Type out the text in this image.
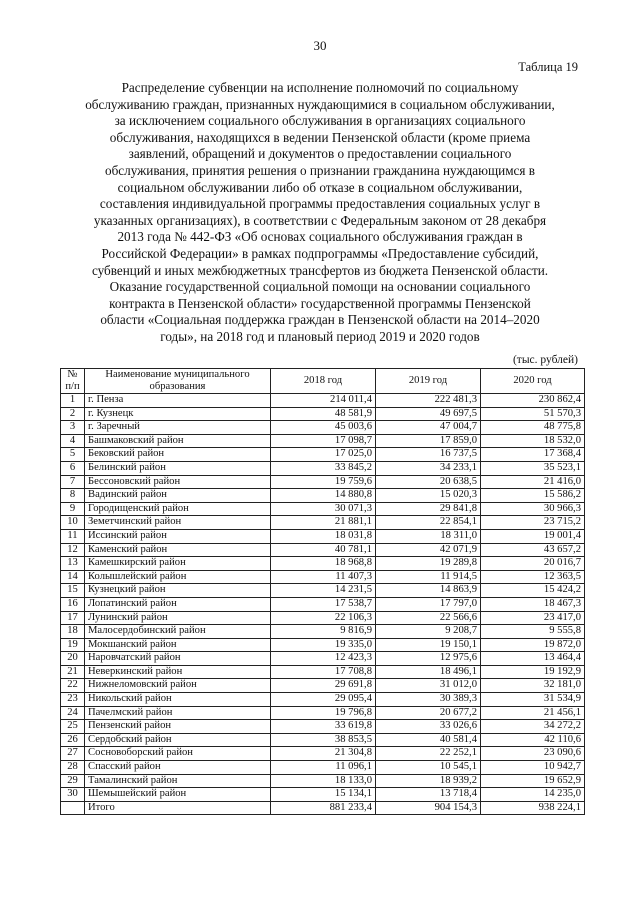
30
Таблица 19
Распределение субвенции на исполнение полномочий по социальному
обслуживанию граждан, признанных нуждающимися в социальном обслуживании,
за исключением социального обслуживания в организациях социального
обслуживания, находящихся в ведении Пензенской области (кроме приема
заявлений, обращений и документов о предоставлении социального
обслуживания, принятия решения о признании гражданина нуждающимся в
социальном обслуживании либо об отказе в социальном обслуживании,
составления индивидуальной программы предоставления социальных услуг в
указанных организациях), в соответствии с Федеральным законом от 28 декабря
2013 года № 442-ФЗ «Об основах социального обслуживания граждан в
Российской Федерации» в рамках подпрограммы «Предоставление субсидий,
субвенций и иных межбюджетных трансфертов из бюджета Пензенской области.
Оказание государственной социальной помощи на основании социального
контракта в Пензенской области» государственной программы Пензенской
области «Социальная поддержка граждан в Пензенской области на 2014–2020
годы», на 2018 год и плановый период 2019 и 2020 годов
(тыс. рублей)
№ п/п	Наименование муниципального образования	2018 год	2019 год	2020 год
1	г. Пенза	214 011,4	222 481,3	230 862,4
2	г. Кузнецк	48 581,9	49 697,5	51 570,3
3	г. Заречный	45 003,6	47 004,7	48 775,8
4	Башмаковский район	17 098,7	17 859,0	18 532,0
5	Бековский район	17 025,0	16 737,5	17 368,4
6	Белинский район	33 845,2	34 233,1	35 523,1
7	Бессоновский район	19 759,6	20 638,5	21 416,0
8	Вадинский район	14 880,8	15 020,3	15 586,2
9	Городищенский район	30 071,3	29 841,8	30 966,3
10	Земетчинский район	21 881,1	22 854,1	23 715,2
11	Иссинский район	18 031,8	18 311,0	19 001,4
12	Каменский район	40 781,1	42 071,9	43 657,2
13	Камешкирский район	18 968,8	19 289,8	20 016,7
14	Колышлейский район	11 407,3	11 914,5	12 363,5
15	Кузнецкий район	14 231,5	14 863,9	15 424,2
16	Лопатинский район	17 538,7	17 797,0	18 467,3
17	Лунинский район	22 106,3	22 566,6	23 417,0
18	Малосердобинский район	9 816,9	9 208,7	9 555,8
19	Мокшанский район	19 335,0	19 150,1	19 872,0
20	Наровчатский район	12 423,3	12 975,6	13 464,4
21	Неверкинский район	17 708,8	18 496,1	19 192,9
22	Нижнеломовский район	29 691,8	31 012,0	32 181,0
23	Никольский район	29 095,4	30 389,3	31 534,9
24	Пачелмский район	19 796,8	20 677,2	21 456,1
25	Пензенский район	33 619,8	33 026,6	34 272,2
26	Сердобский район	38 853,5	40 581,4	42 110,6
27	Сосновоборский район	21 304,8	22 252,1	23 090,6
28	Спасский район	11 096,1	10 545,1	10 942,7
29	Тамалинский район	18 133,0	18 939,2	19 652,9
30	Шемышейский район	15 134,1	13 718,4	14 235,0
	Итого	881 233,4	904 154,3	938 224,1
